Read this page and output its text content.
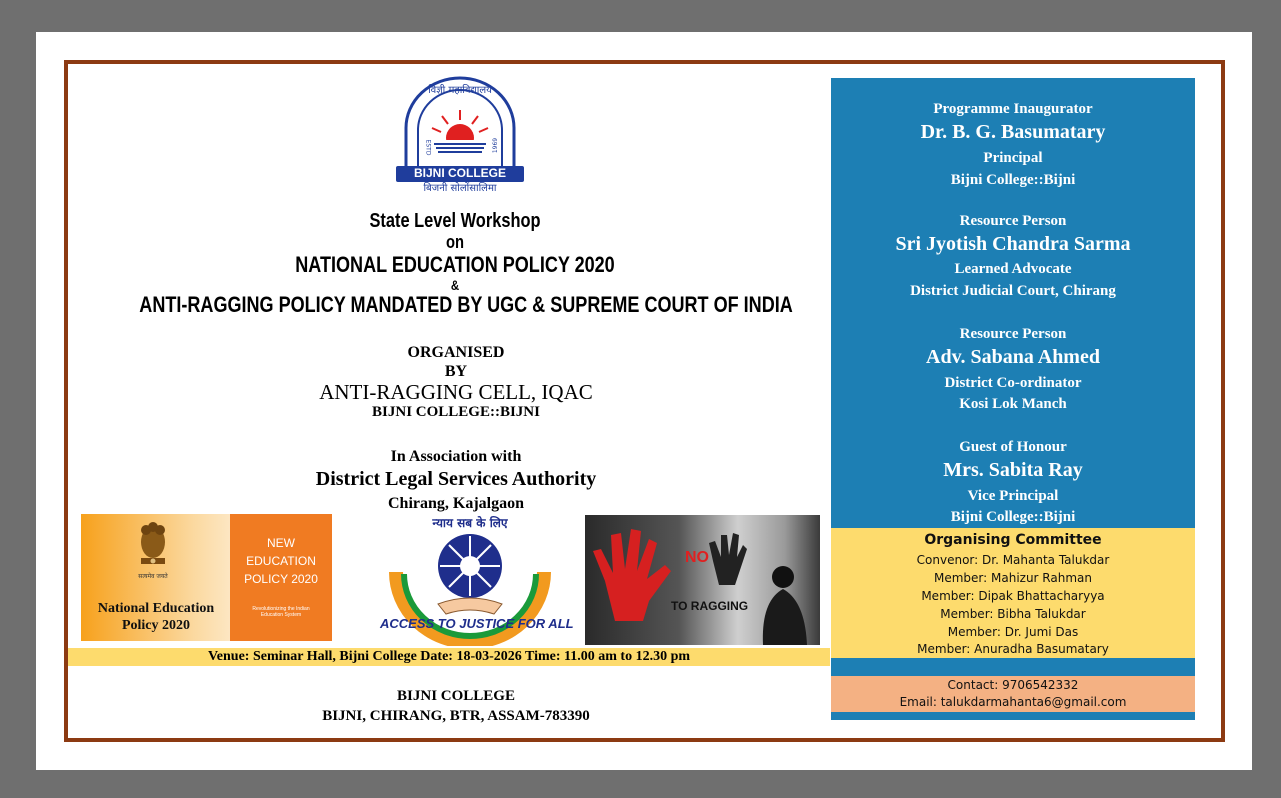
विज्ञी महाविद्यालय
ESTD	1969
BIJNI COLLEGE
बिजनी सोलोंसालिमा
State Level Workshop
on
NATIONAL EDUCATION POLICY 2020
&
ANTI-RAGGING POLICY MANDATED BY UGC & SUPREME COURT OF INDIA
ORGANISED
BY
ANTI-RAGGING CELL, IQAC
BIJNI COLLEGE::BIJNI
In Association with
District Legal Services Authority
Chirang, Kajalgaon
सत्यमेव जयते
National Education Policy 2020
NEW EDUCATION POLICY 2020
Revolutionizing the Indian Education System
न्याय सब के लिए
ACCESS TO JUSTICE FOR ALL
NO
TO RAGGING
Venue: Seminar Hall, Bijni College Date: 18-03-2026 Time: 11.00 am to 12.30 pm
BIJNI COLLEGE
BIJNI, CHIRANG, BTR, ASSAM-783390
Programme Inaugurator
Dr. B. G. Basumatary
Principal
Bijni College::Bijni
Resource Person
Sri Jyotish Chandra Sarma
Learned Advocate
District Judicial Court, Chirang
Resource Person
Adv. Sabana Ahmed
District Co-ordinator
Kosi Lok Manch
Guest of Honour
Mrs. Sabita Ray
Vice Principal
Bijni College::Bijni
Organising Committee
Convenor: Dr. Mahanta Talukdar
Member: Mahizur Rahman
Member: Dipak Bhattacharyya
Member: Bibha Talukdar
Member: Dr. Jumi Das
Member: Anuradha Basumatary
Contact: 9706542332
Email: talukdarmahanta6@gmail.com
